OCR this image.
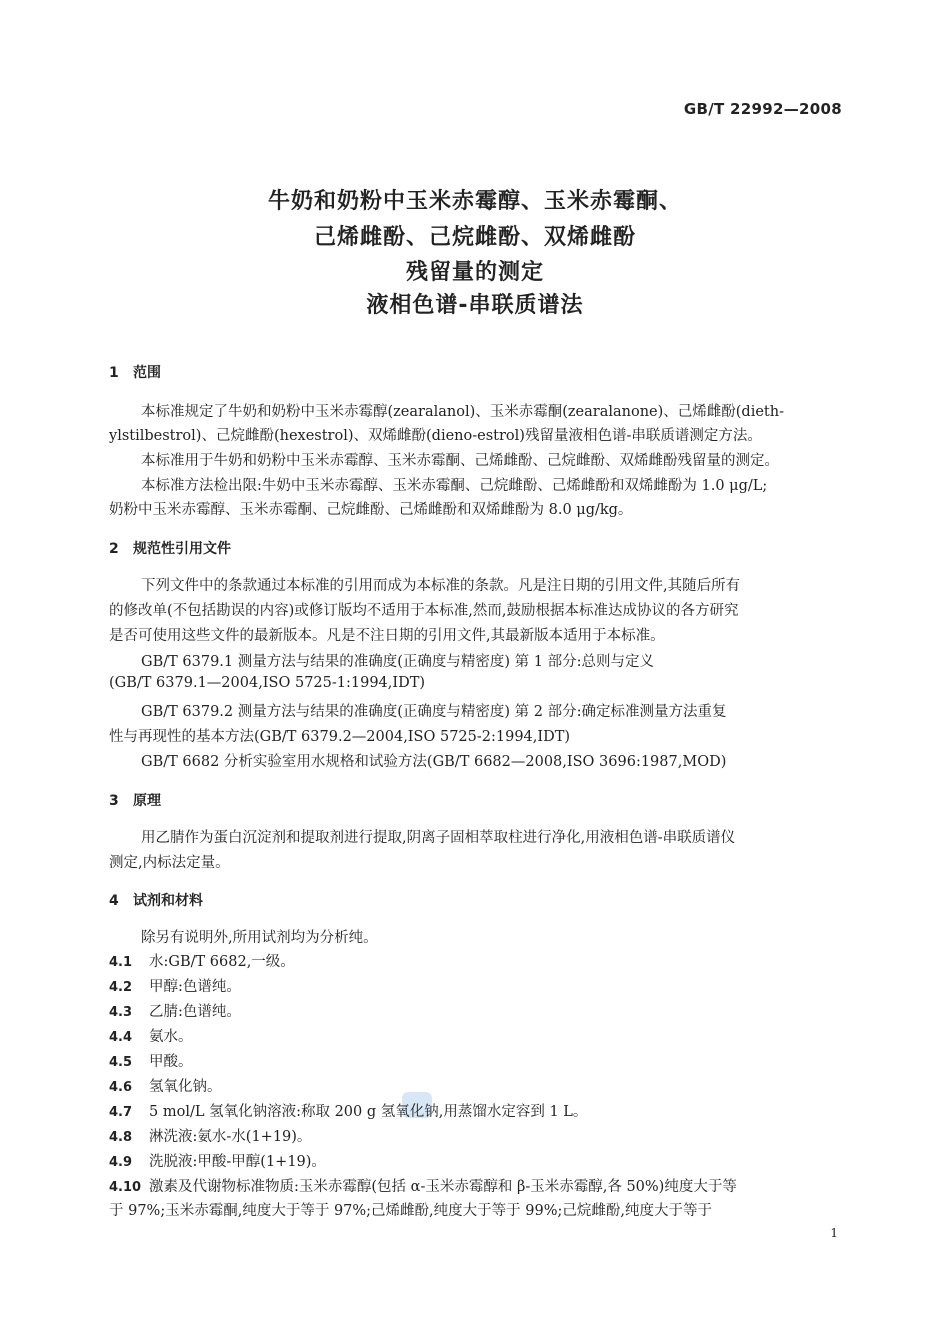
GB/T 22992—2008
牛奶和奶粉中玉米赤霉醇、玉米赤霉酮、
己烯雌酚、己烷雌酚、双烯雌酚
残留量的测定
液相色谱-串联质谱法
1 范围
本标准规定了牛奶和奶粉中玉米赤霉醇(zearalanol)、玉米赤霉酮(zearalanone)、己烯雌酚(dieth-
ylstilbestrol)、己烷雌酚(hexestrol)、双烯雌酚(dieno-estrol)残留量液相色谱-串联质谱测定方法。
本标准用于牛奶和奶粉中玉米赤霉醇、玉米赤霉酮、己烯雌酚、己烷雌酚、双烯雌酚残留量的测定。
本标准方法检出限:牛奶中玉米赤霉醇、玉米赤霉酮、己烷雌酚、己烯雌酚和双烯雌酚为 1.0 μg/L;
奶粉中玉米赤霉醇、玉米赤霉酮、己烷雌酚、己烯雌酚和双烯雌酚为 8.0 μg/kg。
2 规范性引用文件
下列文件中的条款通过本标准的引用而成为本标准的条款。凡是注日期的引用文件,其随后所有
的修改单(不包括勘误的内容)或修订版均不适用于本标准,然而,鼓励根据本标准达成协议的各方研究
是否可使用这些文件的最新版本。凡是不注日期的引用文件,其最新版本适用于本标准。
GB/T 6379.1 测量方法与结果的准确度(正确度与精密度) 第 1 部分:总则与定义
(GB/T 6379.1—2004,ISO 5725-1:1994,IDT)
GB/T 6379.2 测量方法与结果的准确度(正确度与精密度) 第 2 部分:确定标准测量方法重复
性与再现性的基本方法(GB/T 6379.2—2004,ISO 5725-2:1994,IDT)
GB/T 6682 分析实验室用水规格和试验方法(GB/T 6682—2008,ISO 3696:1987,MOD)
3 原理
用乙腈作为蛋白沉淀剂和提取剂进行提取,阴离子固相萃取柱进行净化,用液相色谱-串联质谱仪
测定,内标法定量。
4 试剂和材料
除另有说明外,所用试剂均为分析纯。
4.1 水:GB/T 6682,一级。
4.2 甲醇:色谱纯。
4.3 乙腈:色谱纯。
4.4 氨水。
4.5 甲酸。
4.6 氢氧化钠。
4.7 5 mol/L 氢氧化钠溶液:称取 200 g 氢氧化钠,用蒸馏水定容到 1 L。
4.8 淋洗液:氨水-水(1+19)。
4.9 洗脱液:甲酸-甲醇(1+19)。
4.10 激素及代谢物标准物质:玉米赤霉醇(包括 α-玉米赤霉醇和 β-玉米赤霉醇,各 50%)纯度大于等
于 97%;玉米赤霉酮,纯度大于等于 97%;己烯雌酚,纯度大于等于 99%;己烷雌酚,纯度大于等于
1
